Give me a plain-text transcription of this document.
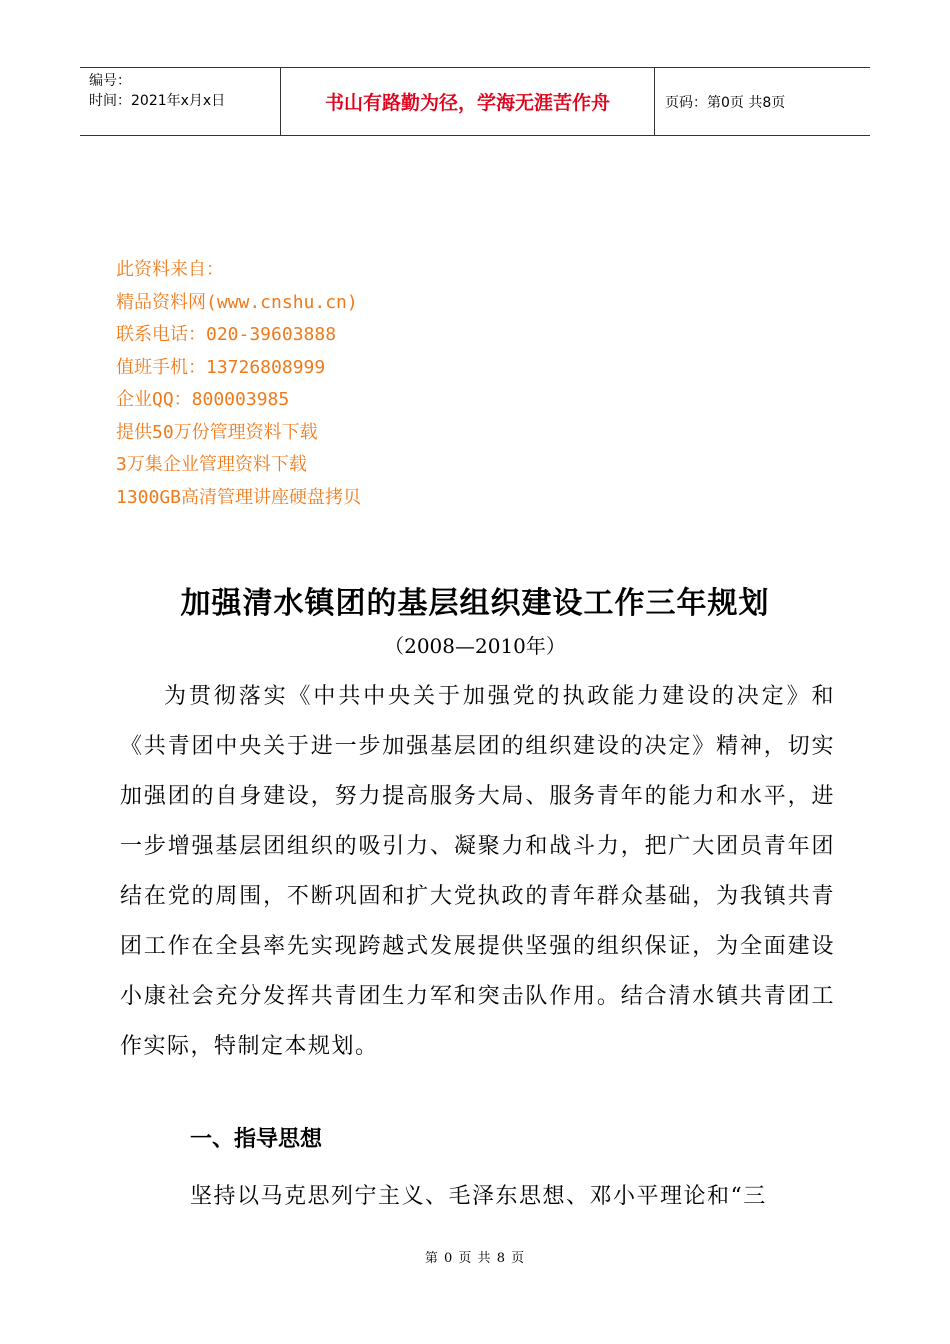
编号：
时间：2021年x月x日	书山有路勤为径，学海无涯苦作舟	页码：第0页 共8页
此资料来自：
精品资料网(www.cnshu.cn)
联系电话：020-39603888
值班手机：13726808999
企业QQ：800003985
提供50万份管理资料下载
3万集企业管理资料下载
1300GB高清管理讲座硬盘拷贝
加强清水镇团的基层组织建设工作三年规划
（2008—2010年）
为贯彻落实《中共中央关于加强党的执政能力建设的决定》和《共青团中央关于进一步加强基层团的组织建设的决定》精神，切实加强团的自身建设，努力提高服务大局、服务青年的能力和水平，进一步增强基层团组织的吸引力、凝聚力和战斗力，把广大团员青年团结在党的周围，不断巩固和扩大党执政的青年群众基础，为我镇共青团工作在全县率先实现跨越式发展提供坚强的组织保证，为全面建设小康社会充分发挥共青团生力军和突击队作用。结合清水镇共青团工作实际，特制定本规划。
一、指导思想
坚持以马克思列宁主义、毛泽东思想、邓小平理论和“三
第 0 页 共 8 页
